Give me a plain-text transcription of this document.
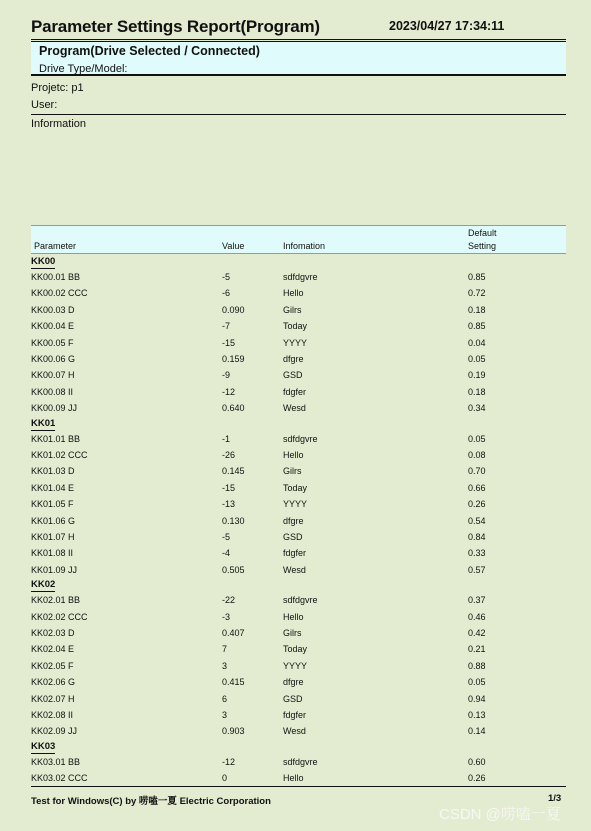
Parameter Settings Report(Program)	2023/04/27 17:34:11
Program(Drive Selected / Connected)
Drive Type/Model:
Projetc: p1
User:
Information
Parameter	Value	Infomation
Default
Setting
KK00
KK00.01 BB	-5	sdfdgvre	0.85
KK00.02 CCC	-6	Hello	0.72
KK00.03 D	0.090	Gilrs	0.18
KK00.04 E	-7	Today	0.85
KK00.05 F	-15	YYYY	0.04
KK00.06 G	0.159	dfgre	0.05
KK00.07 H	-9	GSD	0.19
KK00.08 II	-12	fdgfer	0.18
KK00.09 JJ	0.640	Wesd	0.34
KK01
KK01.01 BB	-1	sdfdgvre	0.05
KK01.02 CCC	-26	Hello	0.08
KK01.03 D	0.145	Gilrs	0.70
KK01.04 E	-15	Today	0.66
KK01.05 F	-13	YYYY	0.26
KK01.06 G	0.130	dfgre	0.54
KK01.07 H	-5	GSD	0.84
KK01.08 II	-4	fdgfer	0.33
KK01.09 JJ	0.505	Wesd	0.57
KK02
KK02.01 BB	-22	sdfdgvre	0.37
KK02.02 CCC	-3	Hello	0.46
KK02.03 D	0.407	Gilrs	0.42
KK02.04 E	7	Today	0.21
KK02.05 F	3	YYYY	0.88
KK02.06 G	0.415	dfgre	0.05
KK02.07 H	6	GSD	0.94
KK02.08 II	3	fdgfer	0.13
KK02.09 JJ	0.903	Wesd	0.14
KK03
KK03.01 BB	-12	sdfdgvre	0.60
KK03.02 CCC	0	Hello	0.26
Test for Windows(C) by 唠嗑一夏 Electric Corporation	1/3
CSDN @唠嗑一夏
